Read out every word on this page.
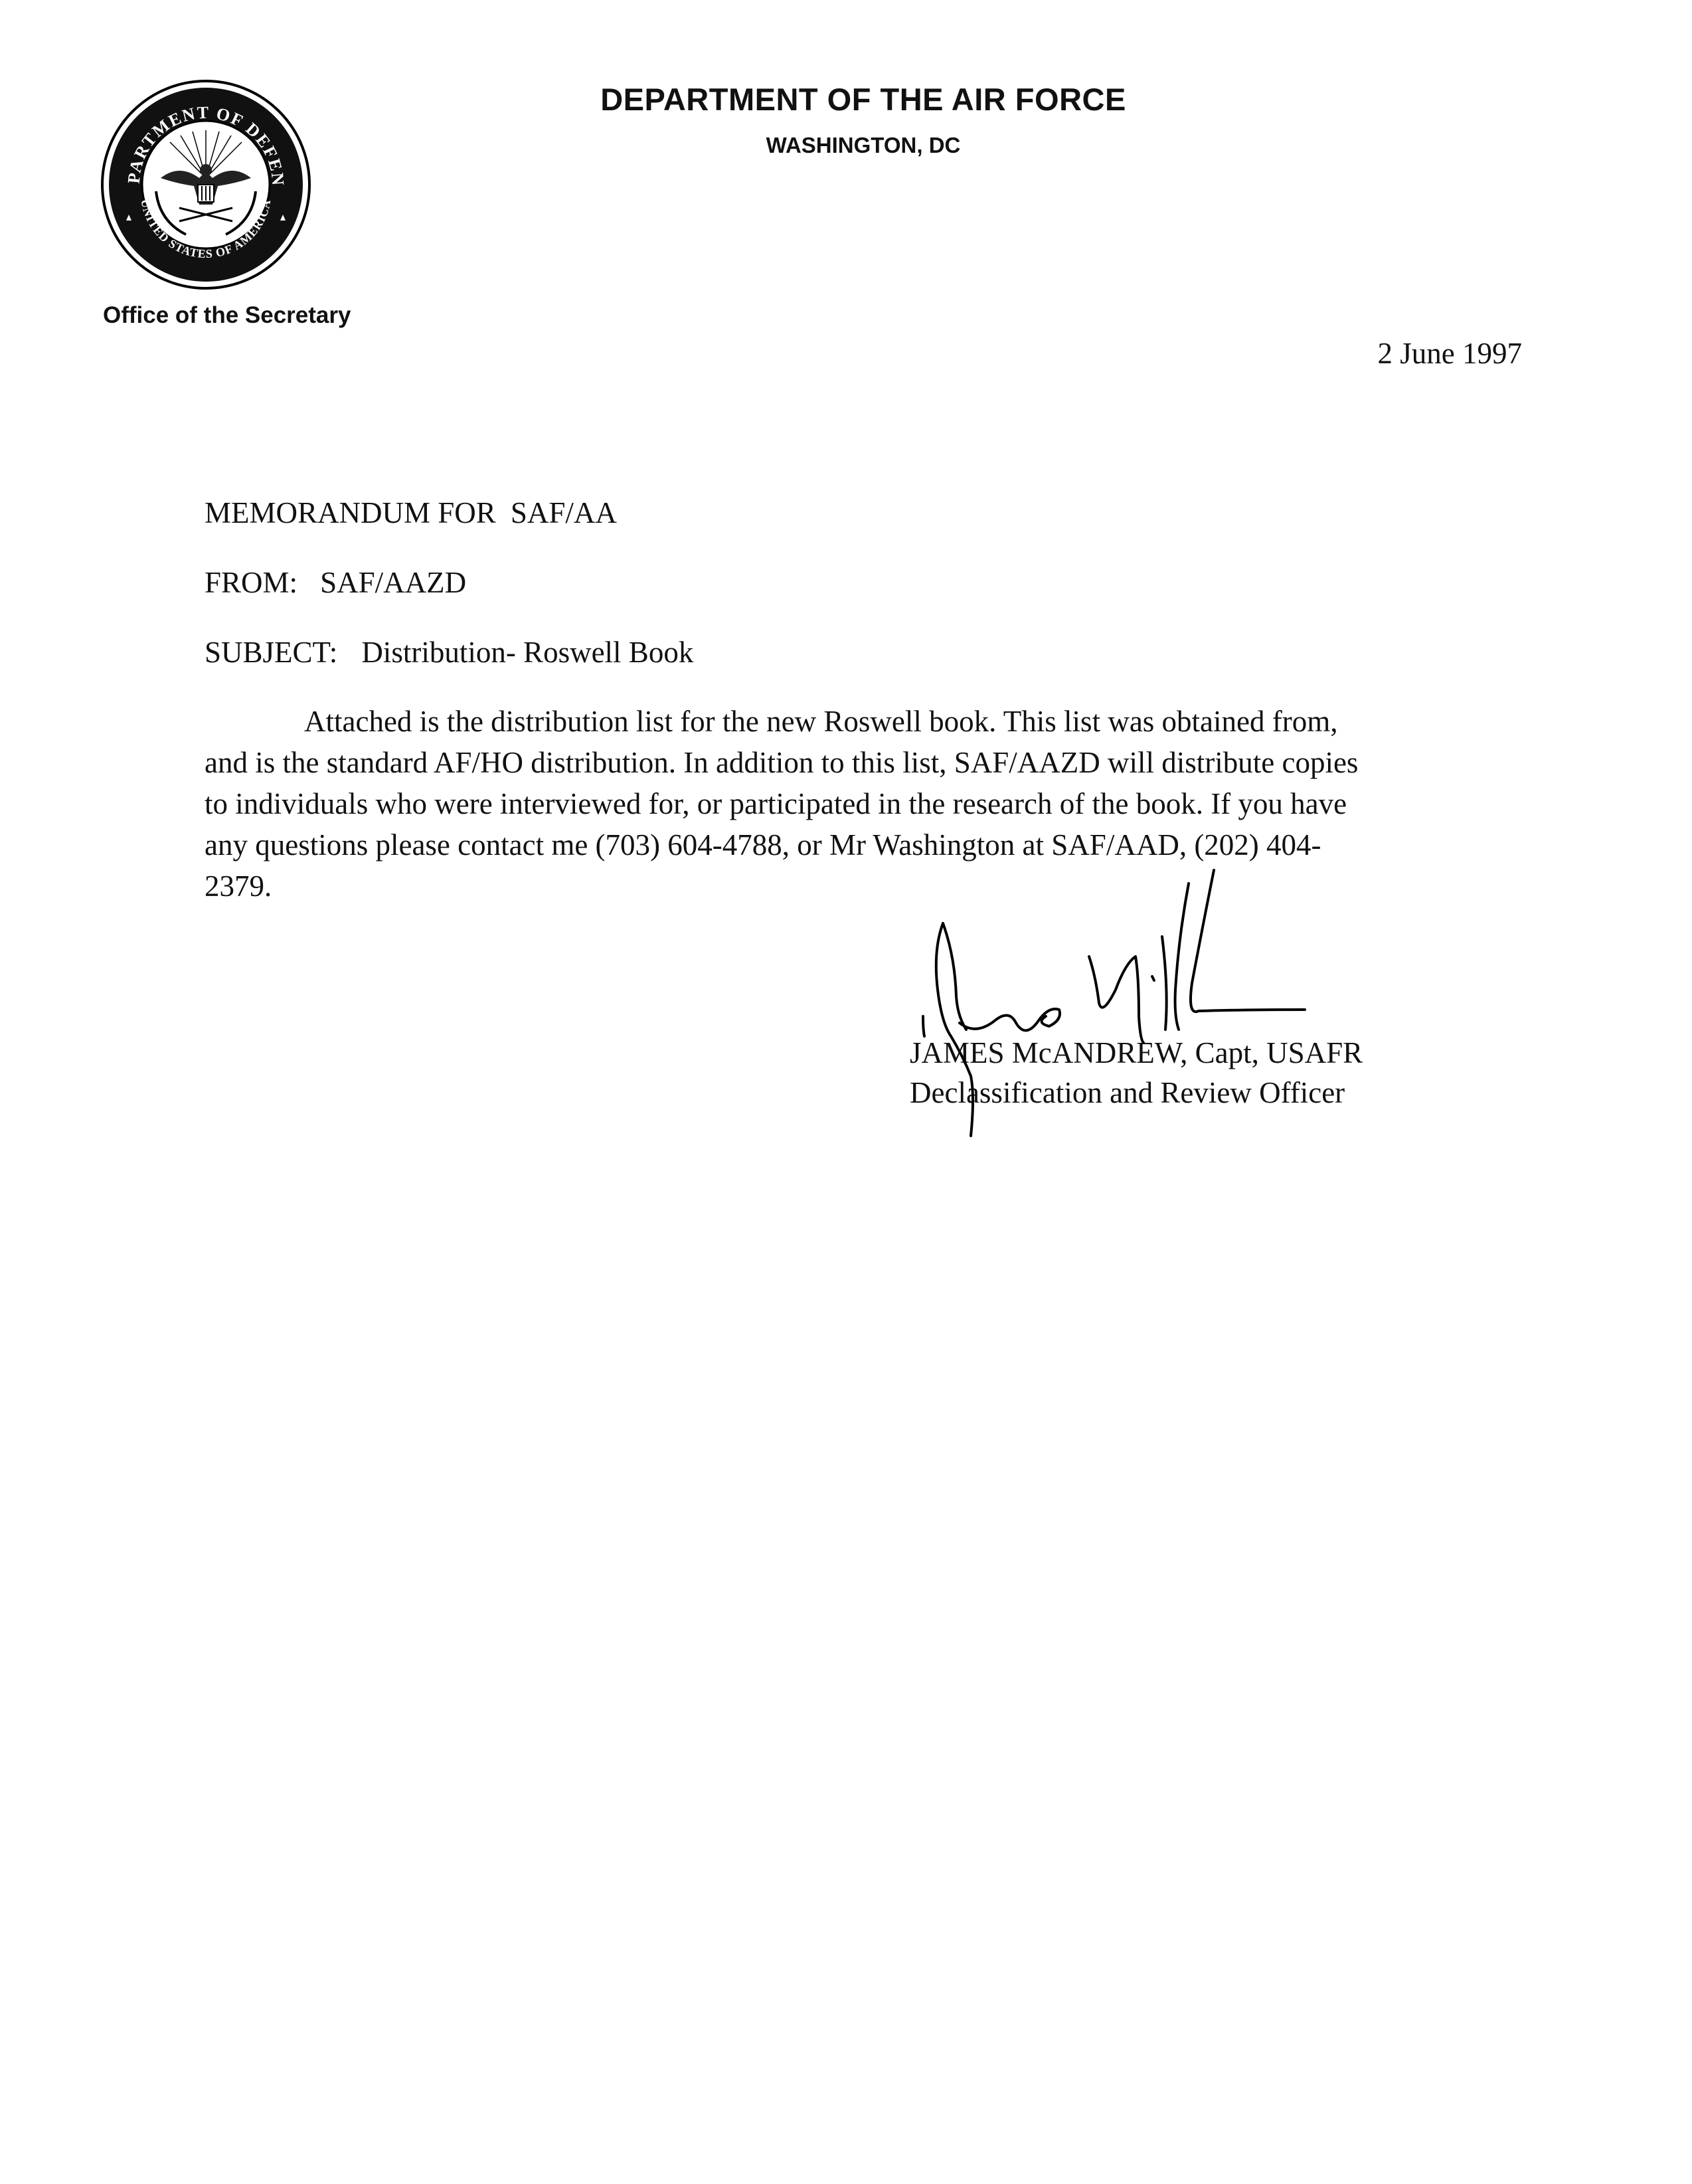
PARTMENT OF DEFEN
UNITED STATES OF AMERICA
DEPARTMENT OF THE AIR FORCE
WASHINGTON, DC
Office of the Secretary
2 June 1997
MEMORANDUM FOR SAF/AA
FROM: SAF/AAZD
SUBJECT: Distribution- Roswell Book
Attached is the distribution list for the new Roswell book. This list was obtained from,
and is the standard AF/HO distribution. In addition to this list, SAF/AAZD will distribute copies
to individuals who were interviewed for, or participated in the research of the book. If you have
any questions please contact me (703) 604-4788, or Mr Washington at SAF/AAD, (202) 404-
2379.
JAMES McANDREW, Capt, USAFR
Declassification and Review Officer
